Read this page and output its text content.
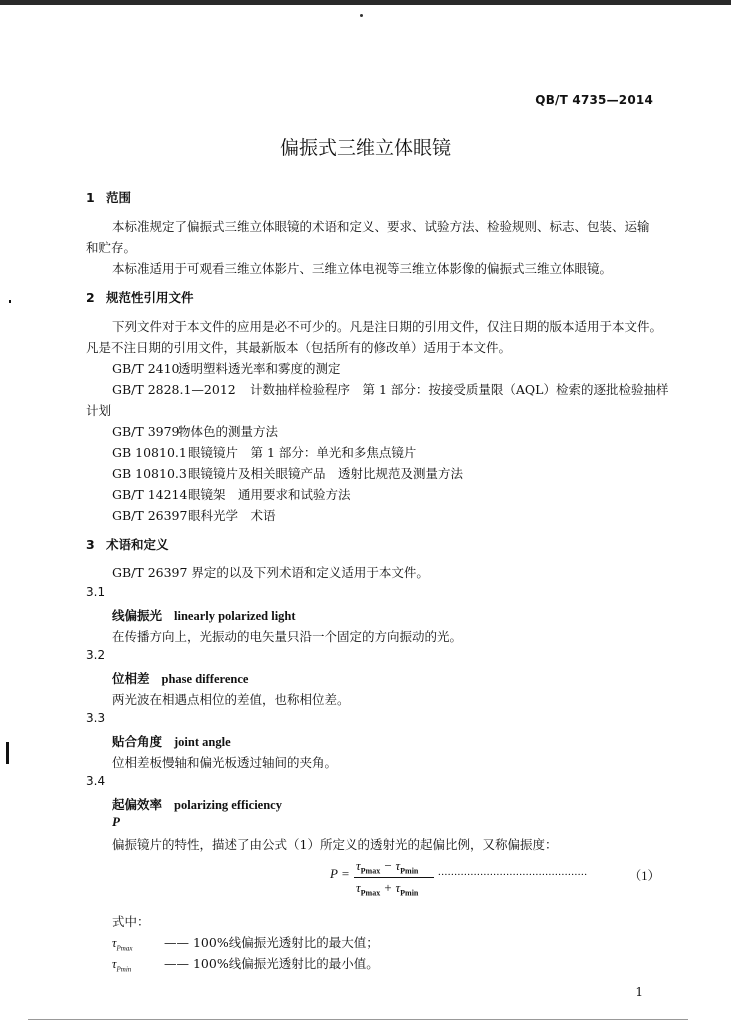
QB/T 4735—2014
偏振式三维立体眼镜
1 范围
本标准规定了偏振式三维立体眼镜的术语和定义、要求、试验方法、检验规则、标志、包装、运输
和贮存。
本标准适用于可观看三维立体影片、三维立体电视等三维立体影像的偏振式三维立体眼镜。
2 规范性引用文件
下列文件对于本文件的应用是必不可少的。凡是注日期的引用文件，仅注日期的版本适用于本文件。
凡是不注日期的引用文件，其最新版本（包括所有的修改单）适用于本文件。
GB/T 2410透明塑料透光率和雾度的测定
GB/T 2828.1—2012 计数抽样检验程序　第 1 部分：按接受质量限（AQL）检索的逐批检验抽样
计划
GB/T 3979物体色的测量方法
GB 10810.1眼镜镜片　第 1 部分：单光和多焦点镜片
GB 10810.3眼镜镜片及相关眼镜产品　透射比规范及测量方法
GB/T 14214眼镜架　通用要求和试验方法
GB/T 26397眼科光学　术语
3 术语和定义
GB/T 26397 界定的以及下列术语和定义适用于本文件。
3.1
线偏振光 linearly polarized light
在传播方向上，光振动的电矢量只沿一个固定的方向振动的光。
3.2
位相差 phase difference
两光波在相遇点相位的差值，也称相位差。
3.3
贴合角度 joint angle
位相差板慢轴和偏光板透过轴间的夹角。
3.4
起偏效率 polarizing efficiency
P
偏振镜片的特性，描述了由公式（1）所定义的透射光的起偏比例，又称偏振度：
P =
$\tau_{Pmax} - \tau_{Pmin}$
$\tau_{Pmax} + \tau_{Pmin}$
..............................................	（1）
式中：
$\tau_{Pmax}$	—— 100%线偏振光透射比的最大值；
$\tau_{Pmin}$	—— 100%线偏振光透射比的最小值。
1
